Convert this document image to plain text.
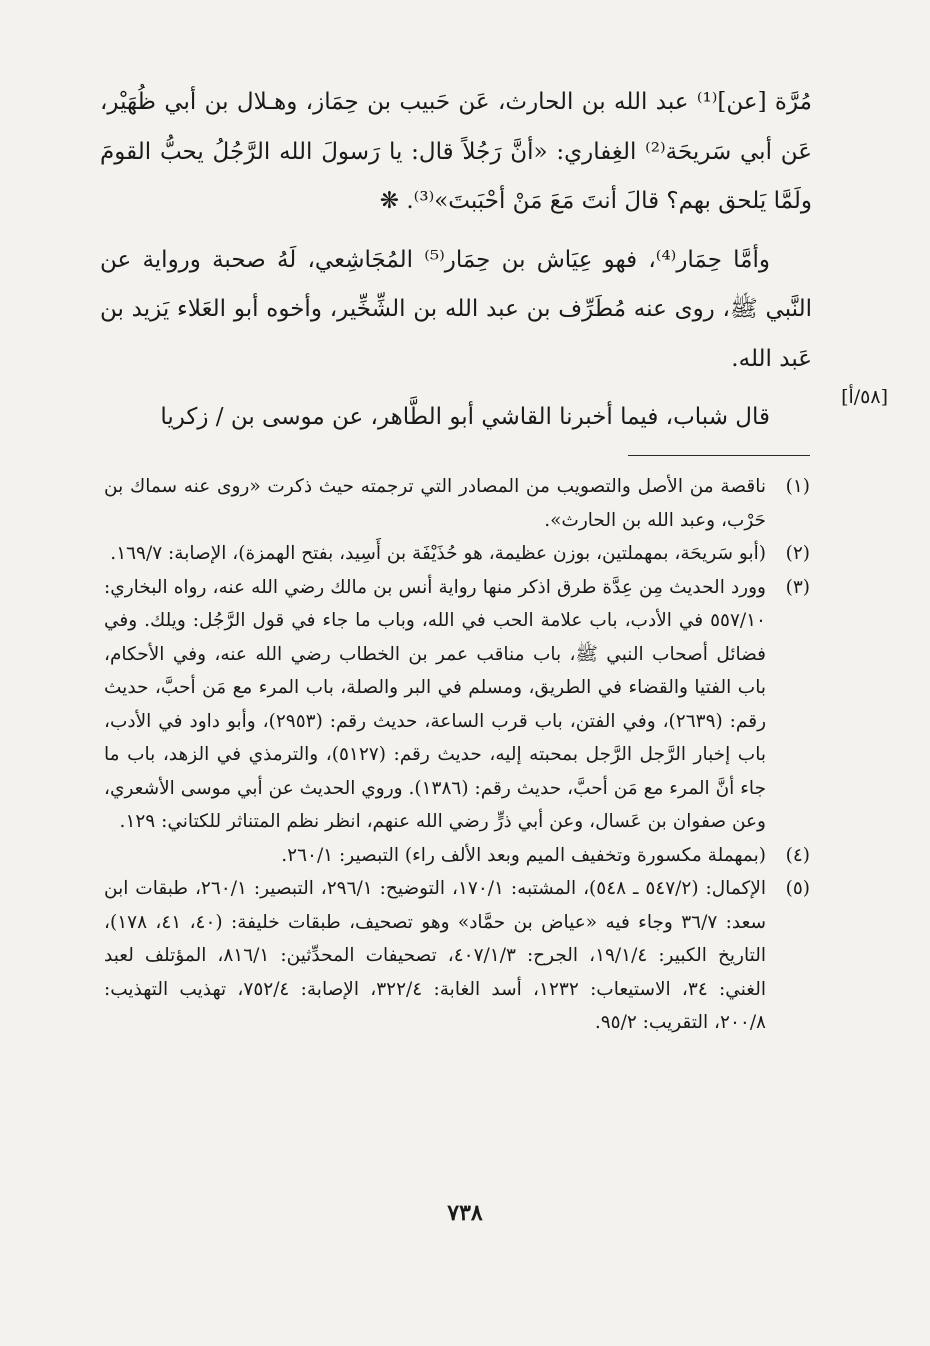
مُرَّة [عن]⁽¹⁾ عبد الله بن الحارث، عَن حَبيب بن حِمَاز، وهـلال بن أبي ظُهَيْر، عَن أبي سَريحَة⁽²⁾ الغِفاري: «أنَّ رَجُلاً قال: يا رَسولَ الله الرَّجُلُ يحبُّ القومَ ولَمَّا يَلحق بهم؟ قالَ أنتَ مَعَ مَنْ أحْبَبتَ»⁽³⁾. ❋

وأمَّا حِمَار⁽⁴⁾، فهو عِيَاش بن حِمَار⁽⁵⁾ المُجَاشِعي، لَهُ صحبة ورواية عن النَّبي ﷺ، روى عنه مُطَرِّف بن عبد الله بن الشِّخِّير، وأخوه أبو العَلاء يَزيد بن عَبد الله.

قال شباب، فيما أخبرنا القاشي أبو الطَّاهر، عن موسى بن / زكريا

[٥٨/أ]
(١)
ناقصة من الأصل والتصويب من المصادر التي ترجمته حيث ذكرت «روى عنه سماك بن حَرْب، وعبد الله بن الحارث».
(٢)
(أبو سَريحَة، بمهملتين، بوزن عظيمة، هو حُذَيْفَة بن أَسِيد، بفتح الهمزة)، الإصابة: ١٦٩/٧.
(٣)
وورد الحديث مِن عِدَّة طرق اذكر منها رواية أنس بن مالك رضي الله عنه، رواه البخاري: ٥٥٧/١٠ في الأدب، باب علامة الحب في الله، وباب ما جاء في قول الرَّجُل: ويلك. وفي فضائل أصحاب النبي ﷺ، باب مناقب عمر بن الخطاب رضي الله عنه، وفي الأحكام، باب الفتيا والقضاء في الطريق، ومسلم في البر والصلة، باب المرء مع مَن أحبَّ، حديث رقم: (٢٦٣٩)، وفي الفتن، باب قرب الساعة، حديث رقم: (٢٩٥٣)، وأبو داود في الأدب، باب إخبار الرَّجل الرَّجل بمحبته إليه، حديث رقم: (٥١٢٧)، والترمذي في الزهد، باب ما جاء أنَّ المرء مع مَن أحبَّ، حديث رقم: (١٣٨٦). وروي الحديث عن أبي موسى الأشعري، وعن صفوان بن عَسال، وعن أبي ذرٍّ رضي الله عنهم، انظر نظم المتناثر للكتاني: ١٢٩.
(٤)
(بمهملة مكسورة وتخفيف الميم وبعد الألف راء) التبصير: ٢٦٠/١.
(٥)
الإكمال: (٥٤٧/٢ ـ ٥٤٨)، المشتبه: ١٧٠/١، التوضيح: ٢٩٦/١، التبصير: ٢٦٠/١، طبقات ابن سعد: ٣٦/٧ وجاء فيه «عياض بن حمَّاد» وهو تصحيف، طبقات خليفة: (٤٠، ٤١، ١٧٨)، التاريخ الكبير: ١٩/١/٤، الجرح: ٤٠٧/١/٣، تصحيفات المحدِّثين: ٨١٦/١، المؤتلف لعبد الغني: ٣٤، الاستيعاب: ١٢٣٢، أسد الغابة: ٣٢٢/٤، الإصابة: ٧٥٢/٤، تهذيب التهذيب: ٢٠٠/٨، التقريب: ٩٥/٢.
٧٣٨
